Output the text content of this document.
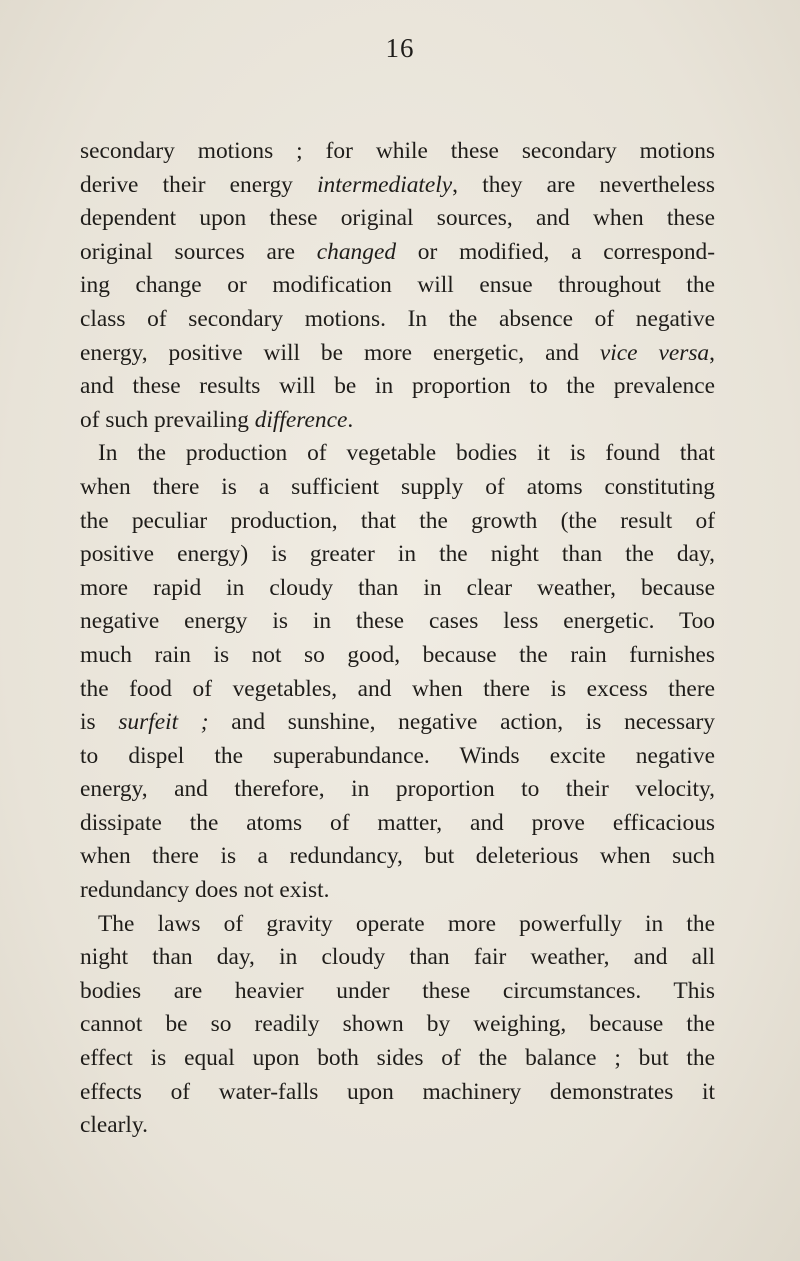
16
secondary motions ; for while these secondary motions
derive their energy intermediately, they are nevertheless
dependent upon these original sources, and when these
original sources are changed or modified, a correspond-
ing change or modification will ensue throughout the
class of secondary motions. In the absence of negative
energy, positive will be more energetic, and vice versa,
and these results will be in proportion to the prevalence
of such prevailing difference.
In the production of vegetable bodies it is found that
when there is a sufficient supply of atoms constituting
the peculiar production, that the growth (the result of
positive energy) is greater in the night than the day,
more rapid in cloudy than in clear weather, because
negative energy is in these cases less energetic. Too
much rain is not so good, because the rain furnishes
the food of vegetables, and when there is excess there
is surfeit ; and sunshine, negative action, is necessary
to dispel the superabundance. Winds excite negative
energy, and therefore, in proportion to their velocity,
dissipate the atoms of matter, and prove efficacious
when there is a redundancy, but deleterious when such
redundancy does not exist.
The laws of gravity operate more powerfully in the
night than day, in cloudy than fair weather, and all
bodies are heavier under these circumstances. This
cannot be so readily shown by weighing, because the
effect is equal upon both sides of the balance ; but the
effects of water-falls upon machinery demonstrates it
clearly.
